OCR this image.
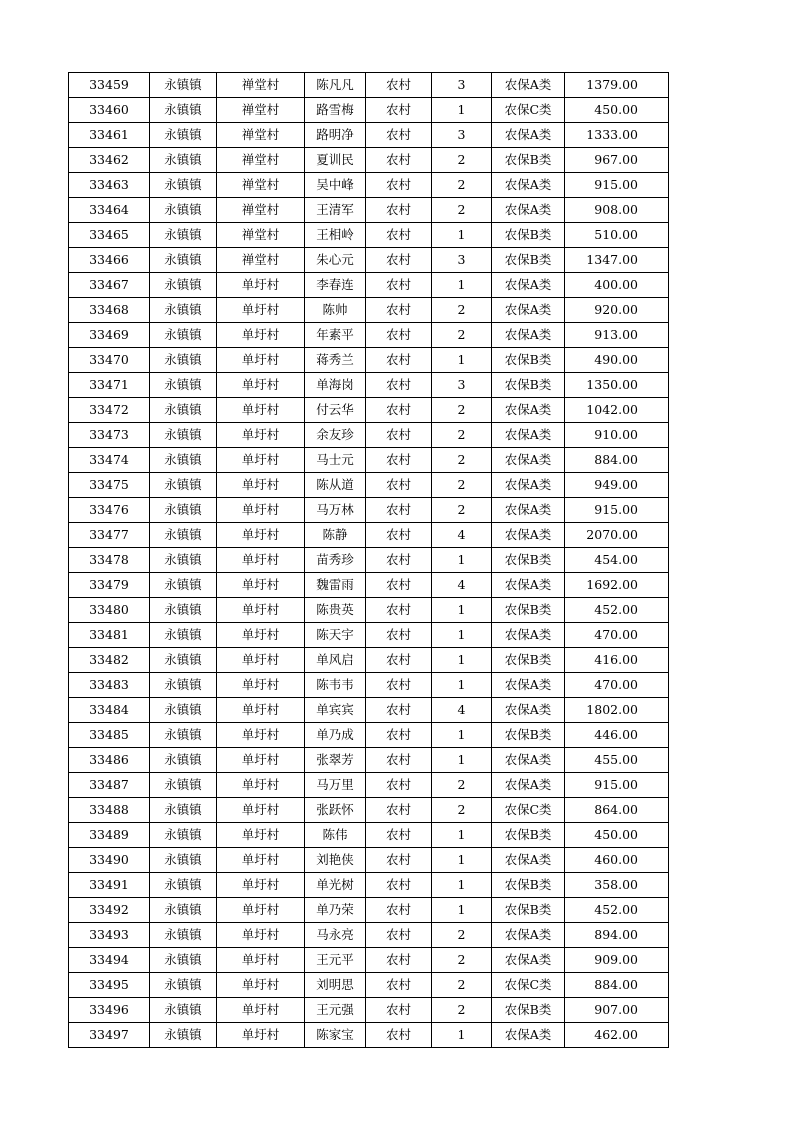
33459	永镇镇	禅堂村	陈凡凡	农村	3	农保A类	1379.00
33460	永镇镇	禅堂村	路雪梅	农村	1	农保C类	450.00
33461	永镇镇	禅堂村	路明净	农村	3	农保A类	1333.00
33462	永镇镇	禅堂村	夏训民	农村	2	农保B类	967.00
33463	永镇镇	禅堂村	吴中峰	农村	2	农保A类	915.00
33464	永镇镇	禅堂村	王清军	农村	2	农保A类	908.00
33465	永镇镇	禅堂村	王相岭	农村	1	农保B类	510.00
33466	永镇镇	禅堂村	朱心元	农村	3	农保B类	1347.00
33467	永镇镇	单圩村	李春连	农村	1	农保A类	400.00
33468	永镇镇	单圩村	陈帅	农村	2	农保A类	920.00
33469	永镇镇	单圩村	年素平	农村	2	农保A类	913.00
33470	永镇镇	单圩村	蒋秀兰	农村	1	农保B类	490.00
33471	永镇镇	单圩村	单海岗	农村	3	农保B类	1350.00
33472	永镇镇	单圩村	付云华	农村	2	农保A类	1042.00
33473	永镇镇	单圩村	余友珍	农村	2	农保A类	910.00
33474	永镇镇	单圩村	马士元	农村	2	农保A类	884.00
33475	永镇镇	单圩村	陈从道	农村	2	农保A类	949.00
33476	永镇镇	单圩村	马万林	农村	2	农保A类	915.00
33477	永镇镇	单圩村	陈静	农村	4	农保A类	2070.00
33478	永镇镇	单圩村	苗秀珍	农村	1	农保B类	454.00
33479	永镇镇	单圩村	魏雷雨	农村	4	农保A类	1692.00
33480	永镇镇	单圩村	陈贵英	农村	1	农保B类	452.00
33481	永镇镇	单圩村	陈天宇	农村	1	农保A类	470.00
33482	永镇镇	单圩村	单风启	农村	1	农保B类	416.00
33483	永镇镇	单圩村	陈韦韦	农村	1	农保A类	470.00
33484	永镇镇	单圩村	单宾宾	农村	4	农保A类	1802.00
33485	永镇镇	单圩村	单乃成	农村	1	农保B类	446.00
33486	永镇镇	单圩村	张翠芳	农村	1	农保A类	455.00
33487	永镇镇	单圩村	马万里	农村	2	农保A类	915.00
33488	永镇镇	单圩村	张跃怀	农村	2	农保C类	864.00
33489	永镇镇	单圩村	陈伟	农村	1	农保B类	450.00
33490	永镇镇	单圩村	刘艳侠	农村	1	农保A类	460.00
33491	永镇镇	单圩村	单光树	农村	1	农保B类	358.00
33492	永镇镇	单圩村	单乃荣	农村	1	农保B类	452.00
33493	永镇镇	单圩村	马永亮	农村	2	农保A类	894.00
33494	永镇镇	单圩村	王元平	农村	2	农保A类	909.00
33495	永镇镇	单圩村	刘明思	农村	2	农保C类	884.00
33496	永镇镇	单圩村	王元强	农村	2	农保B类	907.00
33497	永镇镇	单圩村	陈家宝	农村	1	农保A类	462.00
